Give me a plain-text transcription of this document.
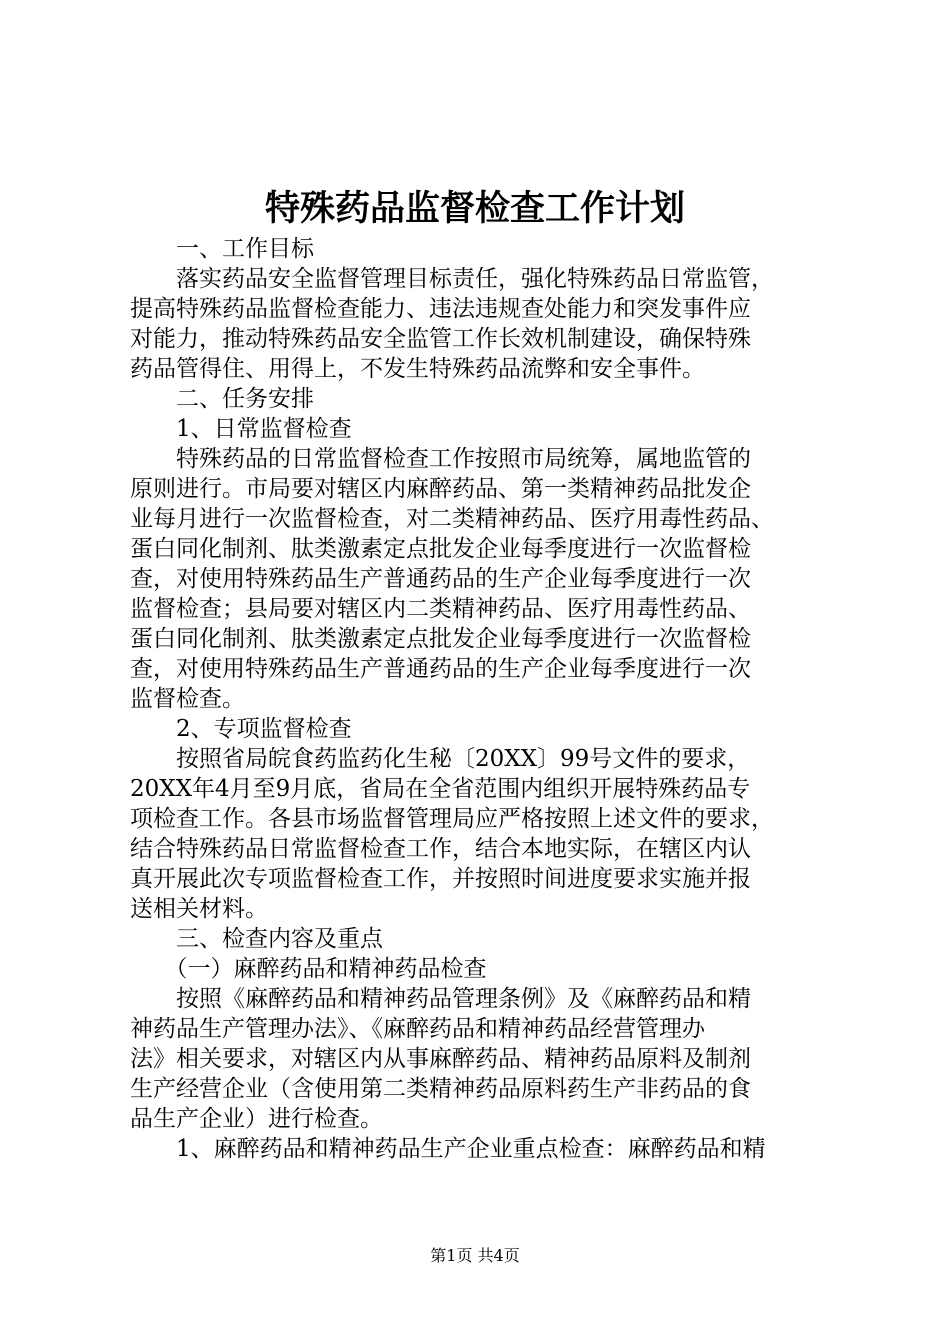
特殊药品监督检查工作计划
　　一、工作目标
　　落实药品安全监督管理目标责任，强化特殊药品日常监管，
提高特殊药品监督检查能力、违法违规查处能力和突发事件应
对能力，推动特殊药品安全监管工作长效机制建设，确保特殊
药品管得住、用得上，不发生特殊药品流弊和安全事件。
　　二、任务安排
　　1、日常监督检查
　　特殊药品的日常监督检查工作按照市局统筹，属地监管的
原则进行。市局要对辖区内麻醉药品、第一类精神药品批发企
业每月进行一次监督检查，对二类精神药品、医疗用毒性药品、
蛋白同化制剂、肽类激素定点批发企业每季度进行一次监督检
查，对使用特殊药品生产普通药品的生产企业每季度进行一次
监督检查；县局要对辖区内二类精神药品、医疗用毒性药品、
蛋白同化制剂、肽类激素定点批发企业每季度进行一次监督检
查，对使用特殊药品生产普通药品的生产企业每季度进行一次
监督检查。
　　2、专项监督检查
　　按照省局皖食药监药化生秘〔20XX〕99号文件的要求，
20XX年4月至9月底，省局在全省范围内组织开展特殊药品专
项检查工作。各县市场监督管理局应严格按照上述文件的要求，
结合特殊药品日常监督检查工作，结合本地实际，在辖区内认
真开展此次专项监督检查工作，并按照时间进度要求实施并报
送相关材料。
　　三、检查内容及重点
　　（一）麻醉药品和精神药品检查
　　按照《麻醉药品和精神药品管理条例》及《麻醉药品和精
神药品生产管理办法》、《麻醉药品和精神药品经营管理办
法》相关要求，对辖区内从事麻醉药品、精神药品原料及制剂
生产经营企业（含使用第二类精神药品原料药生产非药品的食
品生产企业）进行检查。
　　1、麻醉药品和精神药品生产企业重点检查：麻醉药品和精
第1页 共4页
